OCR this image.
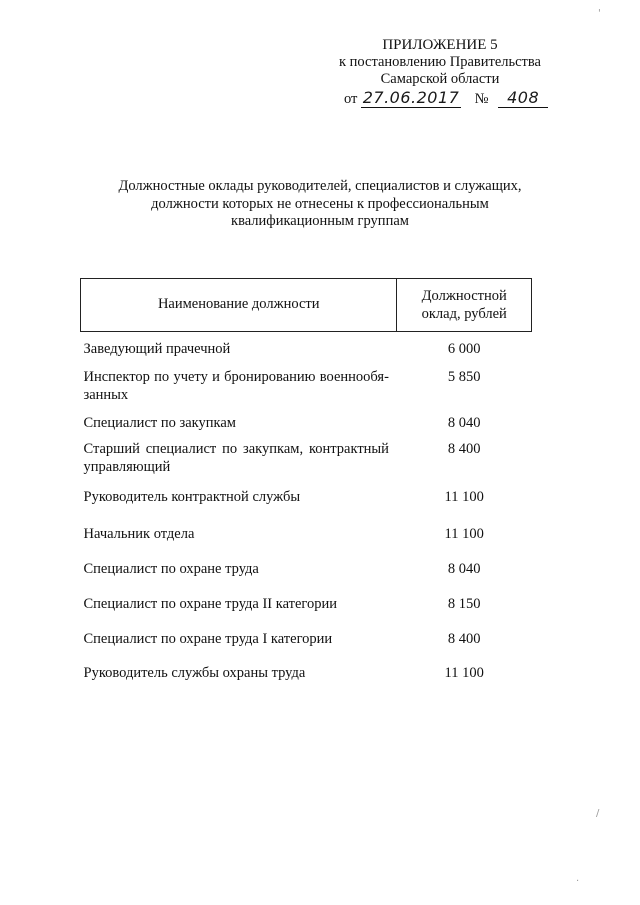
ПРИЛОЖЕНИЕ 5
к постановлению Правительства
Самарской области
от 27.06.2017 № 408
Должностные оклады руководителей, специалистов и служащих,
должности которых не отнесены к профессиональным
квалификационным группам
Наименование должности	Должностной
оклад, рублей
Заведующий прачечной	6 000
Инспектор по учету и бронированию военнообя-занных	5 850
Специалист по закупкам	8 040
Старший специалист по закупкам, контрактный управляющий	8 400
Руководитель контрактной службы	11 100
Начальник отдела	11 100
Специалист по охране труда	8 040
Специалист по охране труда II категории	8 150
Специалист по охране труда I категории	8 400
Руководитель службы охраны труда	11 100
'
/
·
